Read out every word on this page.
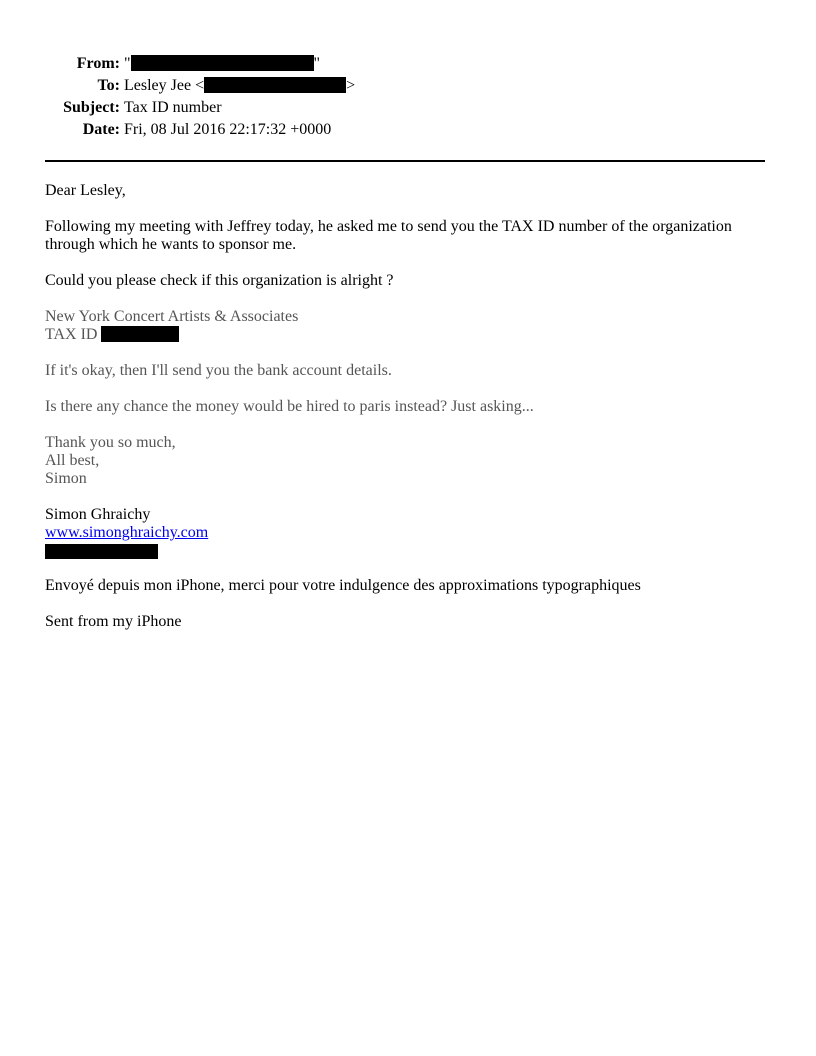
From: "	"
To: Lesley Jee <	>
Subject: Tax ID number
Date: Fri, 08 Jul 2016 22:17:32 +0000

Dear Lesley,

Following my meeting with Jeffrey today, he asked me to send you the TAX ID number of the organization through which he wants to sponsor me.

Could you please check if this organization is alright ?

New York Concert Artists & Associates
TAX ID

If it's okay, then I'll send you the bank account details.

Is there any chance the money would be hired to paris instead? Just asking...

Thank you so much,
All best,
Simon

Simon Ghraichy
www.simonghraichy.com

Envoyé depuis mon iPhone, merci pour votre indulgence des approximations typographiques

Sent from my iPhone
